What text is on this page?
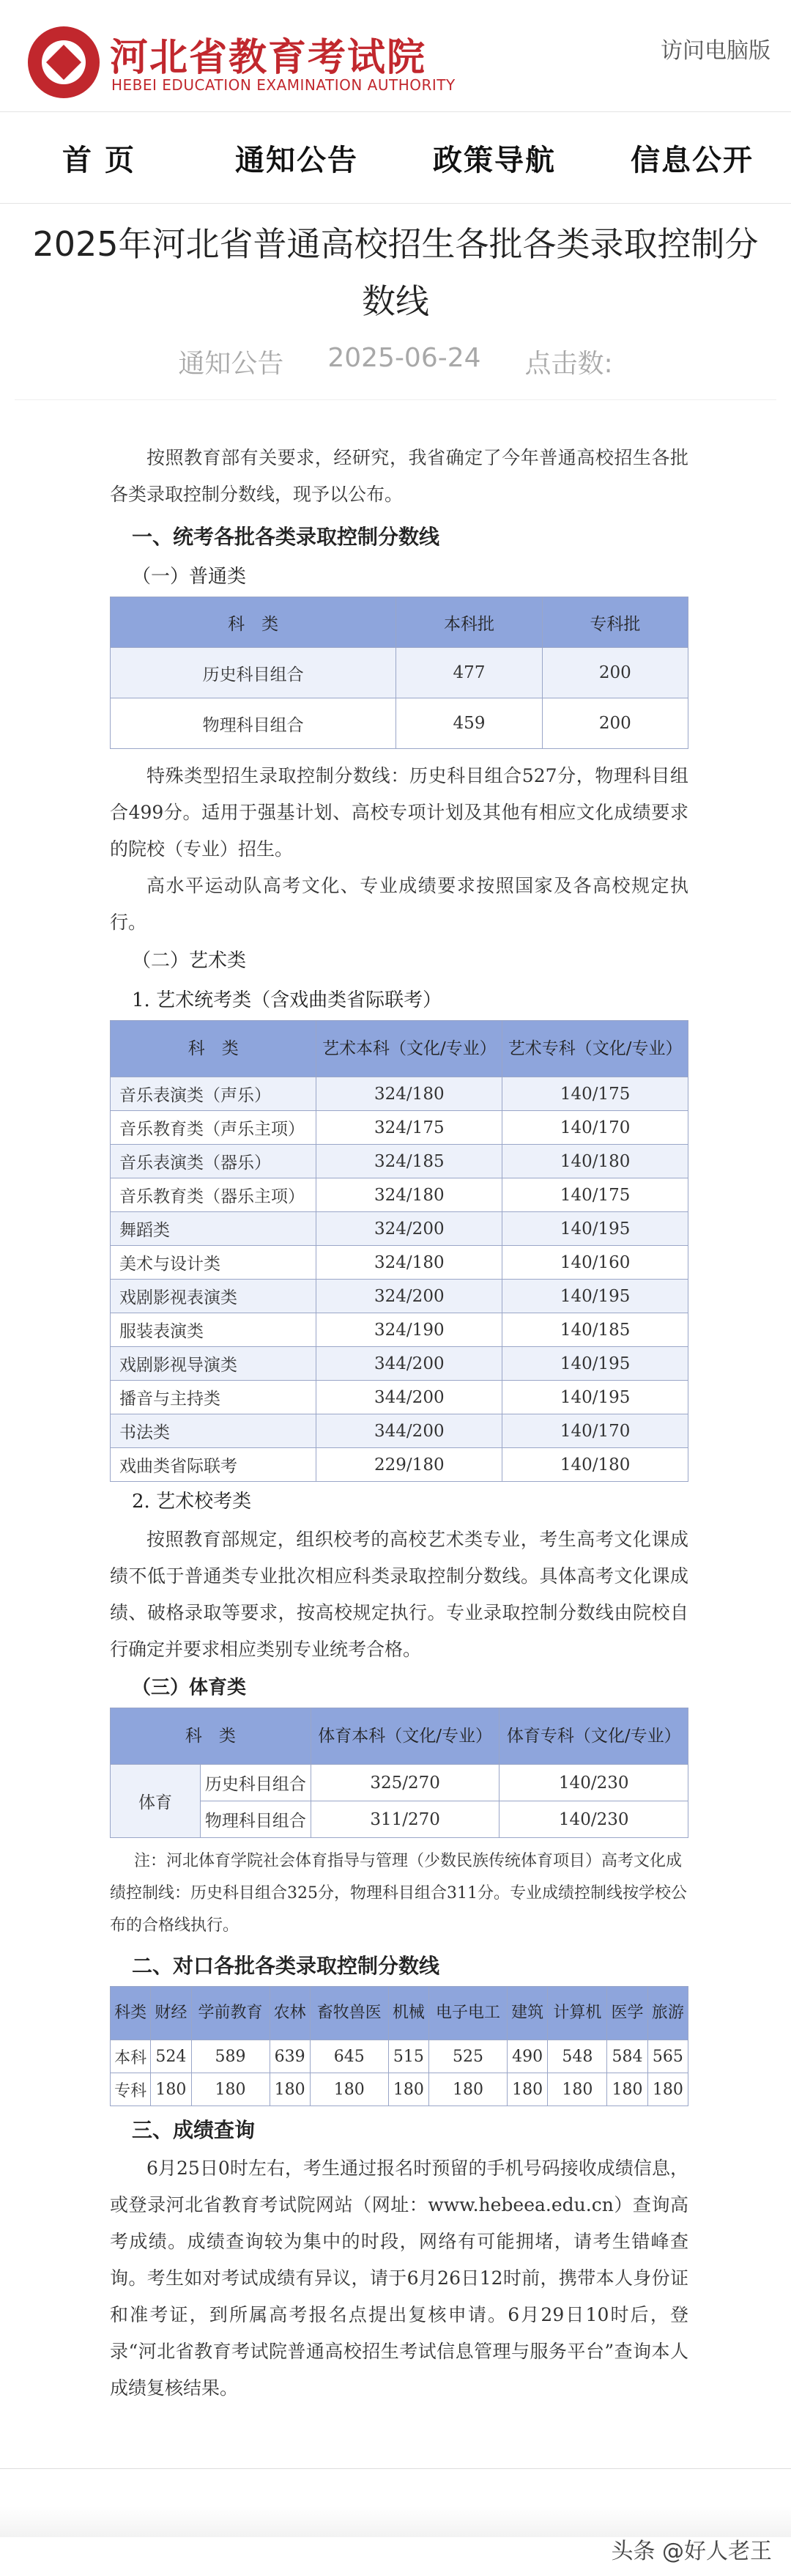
河北省教育考试院
HEBEI EDUCATION EXAMINATION AUTHORITY
访问电脑版
首 页	通知公告	政策导航	信息公开
2025年河北省普通高校招生各批各类录取控制分数线
通知公告 2025-06-24 点击数:

按照教育部有关要求，经研究，我省确定了今年普通高校招生各批各类录取控制分数线，现予以公布。

一、统考各批各类录取控制分数线
（一）普通类
科　类	本科批	专科批
历史科目组合	477	200
物理科目组合	459	200

特殊类型招生录取控制分数线：历史科目组合527分，物理科目组合499分。适用于强基计划、高校专项计划及其他有相应文化成绩要求的院校（专业）招生。

高水平运动队高考文化、专业成绩要求按照国家及各高校规定执行。

（二）艺术类
1. 艺术统考类（含戏曲类省际联考）
科　类	艺术本科（文化/专业）	艺术专科（文化/专业）
音乐表演类（声乐）	324/180	140/175
音乐教育类（声乐主项）	324/175	140/170
音乐表演类（器乐）	324/185	140/180
音乐教育类（器乐主项）	324/180	140/175
舞蹈类	324/200	140/195
美术与设计类	324/180	140/160
戏剧影视表演类	324/200	140/195
服装表演类	324/190	140/185
戏剧影视导演类	344/200	140/195
播音与主持类	344/200	140/195
书法类	344/200	140/170
戏曲类省际联考	229/180	140/180
2. 艺术校考类

按照教育部规定，组织校考的高校艺术类专业，考生高考文化课成绩不低于普通类专业批次相应科类录取控制分数线。具体高考文化课成绩、破格录取等要求，按高校规定执行。专业录取控制分数线由院校自行确定并要求相应类别专业统考合格。

（三）体育类
科　类		体育本科（文化/专业）	体育专科（文化/专业）
体育	历史科目组合	325/270	140/230
	物理科目组合	311/270	140/230

注：河北体育学院社会体育指导与管理（少数民族传统体育项目）高考文化成绩控制线：历史科目组合325分，物理科目组合311分。专业成绩控制线按学校公布的合格线执行。

二、对口各批各类录取控制分数线
科类	财经	学前教育	农林	畜牧兽医	机械	电子电工	建筑	计算机	医学	旅游
本科	524	589	639	645	515	525	490	548	584	565
专科	180	180	180	180	180	180	180	180	180	180
三、成绩查询

6月25日0时左右，考生通过报名时预留的手机号码接收成绩信息，或登录河北省教育考试院网站（网址：www.hebeea.edu.cn）查询高考成绩。成绩查询较为集中的时段，网络有可能拥堵，请考生错峰查询。考生如对考试成绩有异议，请于6月26日12时前，携带本人身份证和准考证，到所属高考报名点提出复核申请。6月29日10时后，登录“河北省教育考试院普通高校招生考试信息管理与服务平台”查询本人成绩复核结果。

头条 @好人老王
